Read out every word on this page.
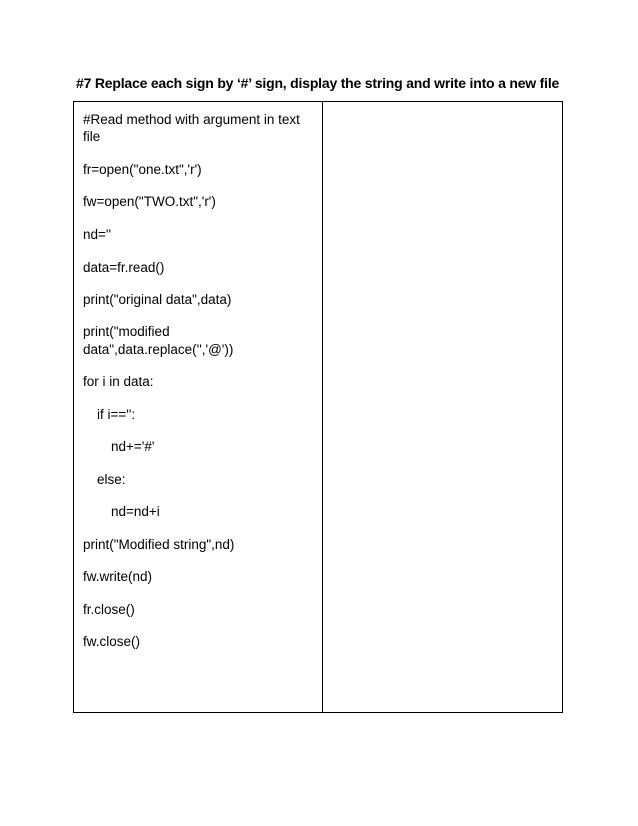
#7 Replace each sign by ‘#’ sign, display the string and write into a new file
#Read method with argument in text
file
fr=open("one.txt",'r')
fw=open("TWO.txt",'r')
nd=''
data=fr.read()
print("original data",data)
print("modified
data",data.replace('','@'))
for i in data:
if i=='':
nd+='#'
else:
nd=nd+i
print("Modified string",nd)
fw.write(nd)
fr.close()
fw.close()
